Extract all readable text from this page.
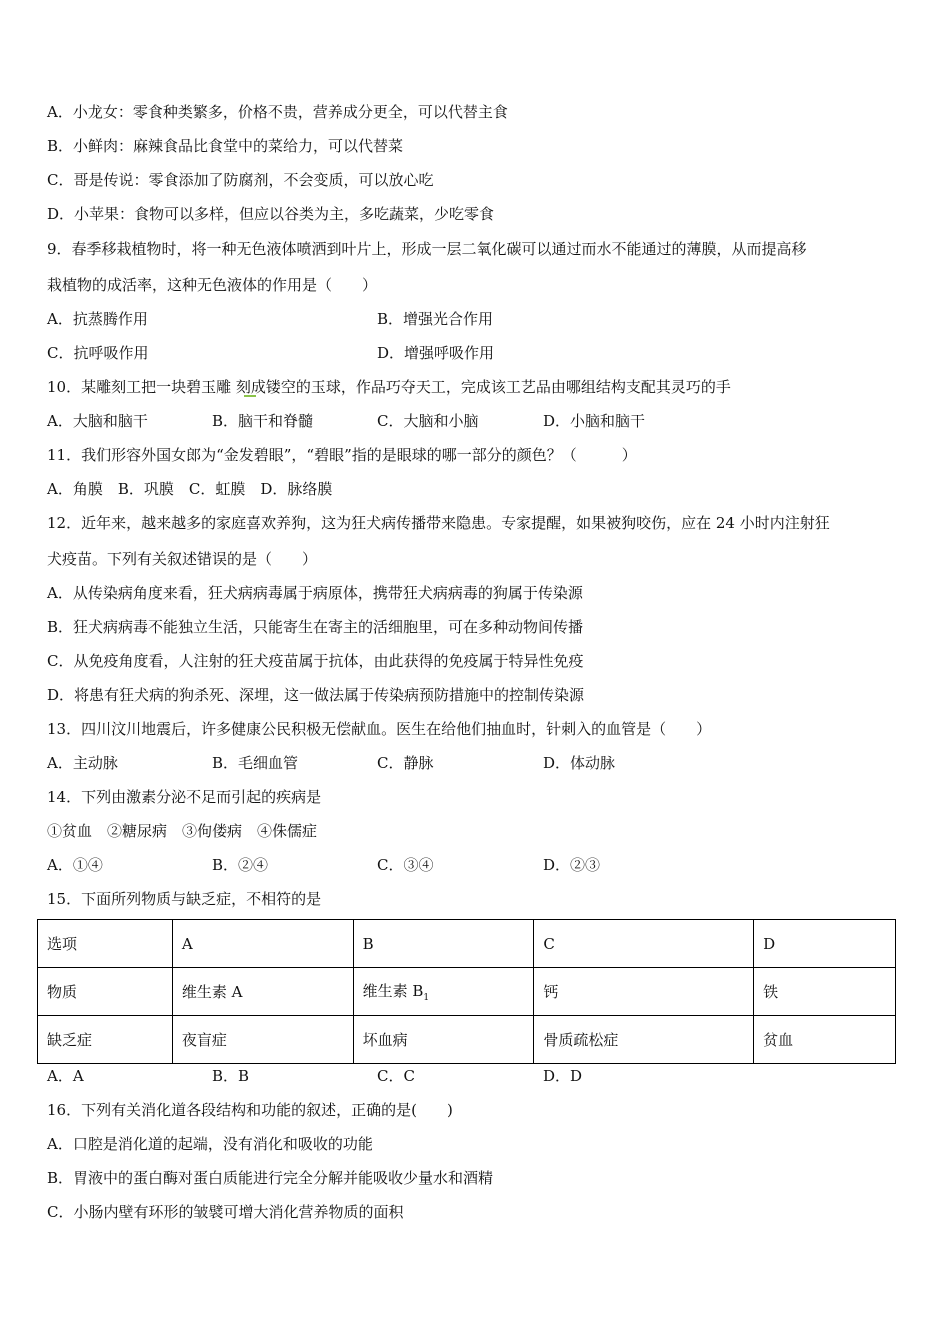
A．小龙女：零食种类繁多，价格不贵，营养成分更全，可以代替主食
B．小鲜肉：麻辣食品比食堂中的菜给力，可以代替菜
C．哥是传说：零食添加了防腐剂，不会变质，可以放心吃
D．小苹果：食物可以多样，但应以谷类为主，多吃蔬菜，少吃零食
9．春季移栽植物时，将一种无色液体喷洒到叶片上，形成一层二氧化碳可以通过而水不能通过的薄膜，从而提高移
栽植物的成活率，这种无色液体的作用是（　　）
A．抗蒸腾作用	B．增强光合作用
C．抗呼吸作用	D．增强呼吸作用
10．某雕刻工把一块碧玉雕 刻成镂空的玉球，作品巧夺天工，完成该工艺品由哪组结构支配其灵巧的手
A．大脑和脑干	B．脑干和脊髓	C．大脑和小脑	D．小脑和脑干
11．我们形容外国女郎为“金发碧眼”，“碧眼”指的是眼球的哪一部分的颜色？（　　　）
A．角膜　B．巩膜　C．虹膜　D．脉络膜
12．近年来，越来越多的家庭喜欢养狗，这为狂犬病传播带来隐患。专家提醒，如果被狗咬伤，应在 24 小时内注射狂
犬疫苗。下列有关叙述错误的是（　　）
A．从传染病角度来看，狂犬病病毒属于病原体，携带狂犬病病毒的狗属于传染源
B．狂犬病病毒不能独立生活，只能寄生在寄主的活细胞里，可在多种动物间传播
C．从免疫角度看，人注射的狂犬疫苗属于抗体，由此获得的免疫属于特异性免疫
D．将患有狂犬病的狗杀死、深埋，这一做法属于传染病预防措施中的控制传染源
13．四川汶川地震后，许多健康公民积极无偿献血。医生在给他们抽血时，针刺入的血管是（　　）
A．主动脉	B．毛细血管	C．静脉	D．体动脉
14．下列由激素分泌不足而引起的疾病是
①贫血　②糖尿病　③佝偻病　④侏儒症
A．①④	B．②④	C．③④	D．②③
15．下面所列物质与缺乏症，不相符的是
选项	A	B	C	D
物质	维生素 A	维生素 $B_1$	钙	铁
缺乏症	夜盲症	坏血病	骨质疏松症	贫血
A．A	B．B	C．C	D．D
16．下列有关消化道各段结构和功能的叙述，正确的是(　　)
A．口腔是消化道的起端，没有消化和吸收的功能
B．胃液中的蛋白酶对蛋白质能进行完全分解并能吸收少量水和酒精
C．小肠内壁有环形的皱襞可增大消化营养物质的面积
